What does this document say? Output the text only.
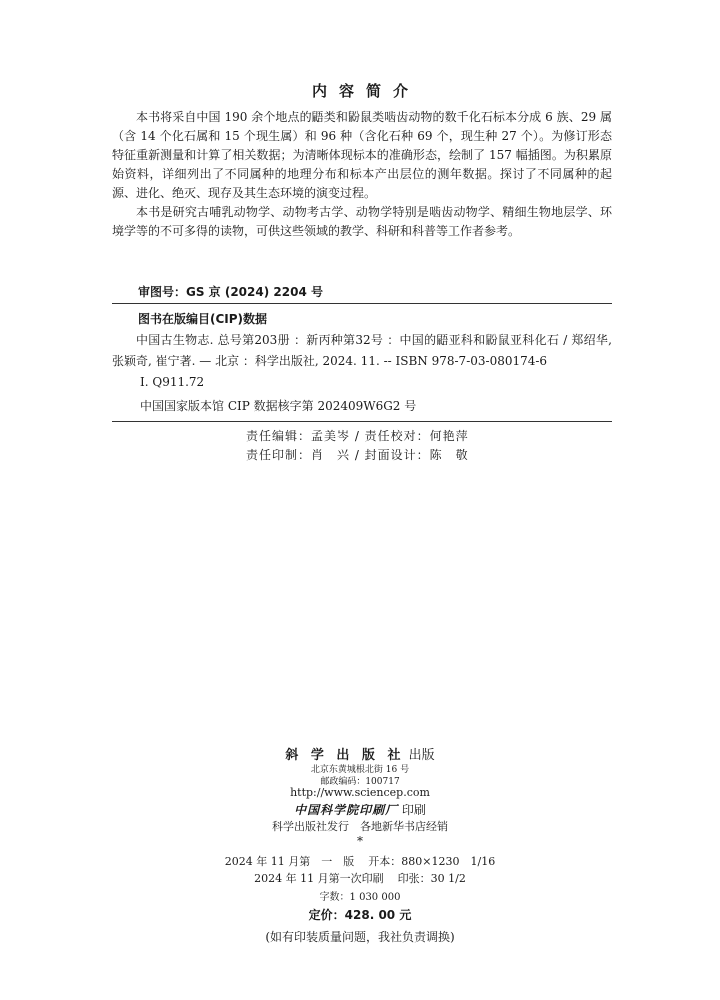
内容简介

本书将采自中国 190 余个地点的鼯类和鼢鼠类啮齿动物的数千化石标本分成 6 族、29 属（含 14 个化石属和 15 个现生属）和 96 种（含化石种 69 个，现生种 27 个）。为修订形态特征重新测量和计算了相关数据；为清晰体现标本的准确形态，绘制了 157 幅插图。为积累原始资料，详细列出了不同属种的地理分布和标本产出层位的测年数据。探讨了不同属种的起源、进化、绝灭、现存及其生态环境的演变过程。

本书是研究古哺乳动物学、动物考古学、动物学特别是啮齿动物学、精细生物地层学、环境学等的不可多得的读物，可供这些领域的教学、科研和科普等工作者参考。

审图号：GS 京 (2024) 2204 号
图书在版编目(CIP)数据
中国古生物志. 总号第203册 ：新丙种第32号 ：中国的鼯亚科和鼢鼠亚科化石 / 郑绍华, 张颖奇, 崔宁著. — 北京 ：科学出版社, 2024. 11. -- ISBN 978-7-03-080174-6
Ⅰ. Q911.72
中国国家版本馆 CIP 数据核字第 202409W6G2 号
责任编辑：孟美岑 / 责任校对：何艳萍
责任印制：肖　兴 / 封面设计：陈　敬
斜 学 出 版 社 出版
北京东黄城根北街 16 号
邮政编码：100717
http://www.sciencep.com
中国科学院印刷厂 印刷
科学出版社发行　各地新华书店经销
*
2024 年 11 月第　一　版 开本：880×1230　1/16
2024 年 11 月第一次印刷 印张：30 1/2
字数：1 030 000
定价：428. 00 元
(如有印装质量问题，我社负责调换)
